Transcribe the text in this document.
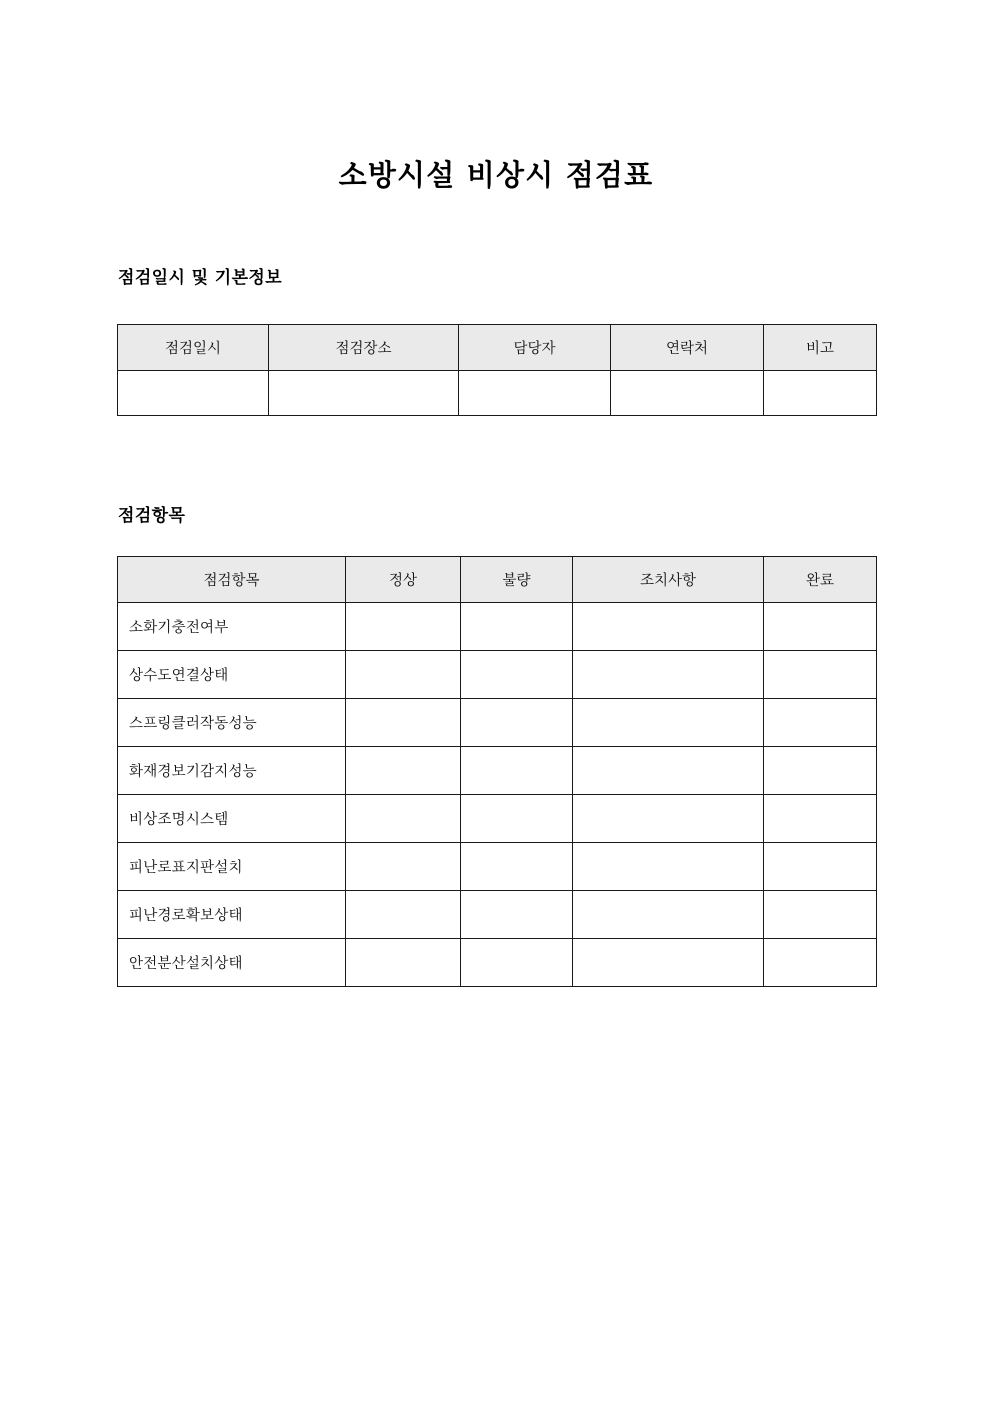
소방시설 비상시 점검표
점검일시 및 기본정보
점검일시	점검장소	담당자	연락처	비고

점검항목
점검항목	정상	불량	조치사항	완료
소화기충전여부				
상수도연결상태				
스프링클러작동성능				
화재경보기감지성능				
비상조명시스템				
피난로표지판설치				
피난경로확보상태				
안전분산설치상태				
